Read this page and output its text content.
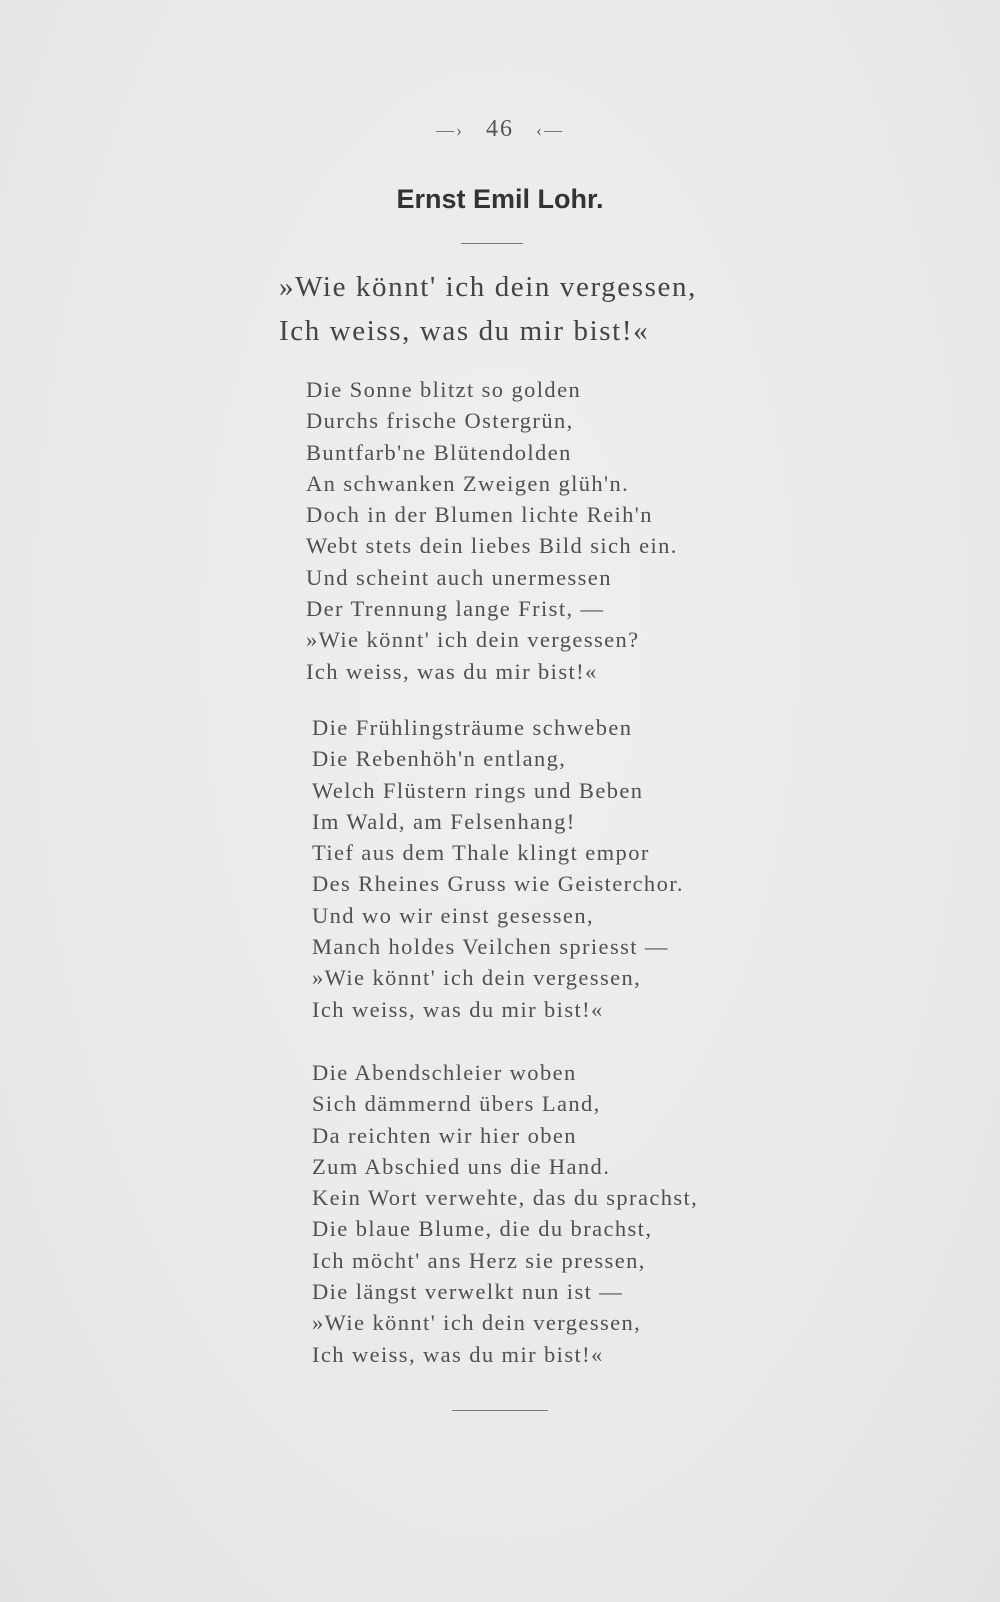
—› 46 ‹—
Ernst Emil Lohr.
»Wie könnt' ich dein vergessen,
Ich weiss, was du mir bist!«
Die Sonne blitzt so golden
Durchs frische Ostergrün,
Buntfarb'ne Blütendolden
An schwanken Zweigen glüh'n.
Doch in der Blumen lichte Reih'n
Webt stets dein liebes Bild sich ein.
Und scheint auch unermessen
Der Trennung lange Frist, —
»Wie könnt' ich dein vergessen?
Ich weiss, was du mir bist!«
Die Frühlingsträume schweben
Die Rebenhöh'n entlang,
Welch Flüstern rings und Beben
Im Wald, am Felsenhang!
Tief aus dem Thale klingt empor
Des Rheines Gruss wie Geisterchor.
Und wo wir einst gesessen,
Manch holdes Veilchen spriesst —
»Wie könnt' ich dein vergessen,
Ich weiss, was du mir bist!«
Die Abendschleier woben
Sich dämmernd übers Land,
Da reichten wir hier oben
Zum Abschied uns die Hand.
Kein Wort verwehte, das du sprachst,
Die blaue Blume, die du brachst,
Ich möcht' ans Herz sie pressen,
Die längst verwelkt nun ist —
»Wie könnt' ich dein vergessen,
Ich weiss, was du mir bist!«
